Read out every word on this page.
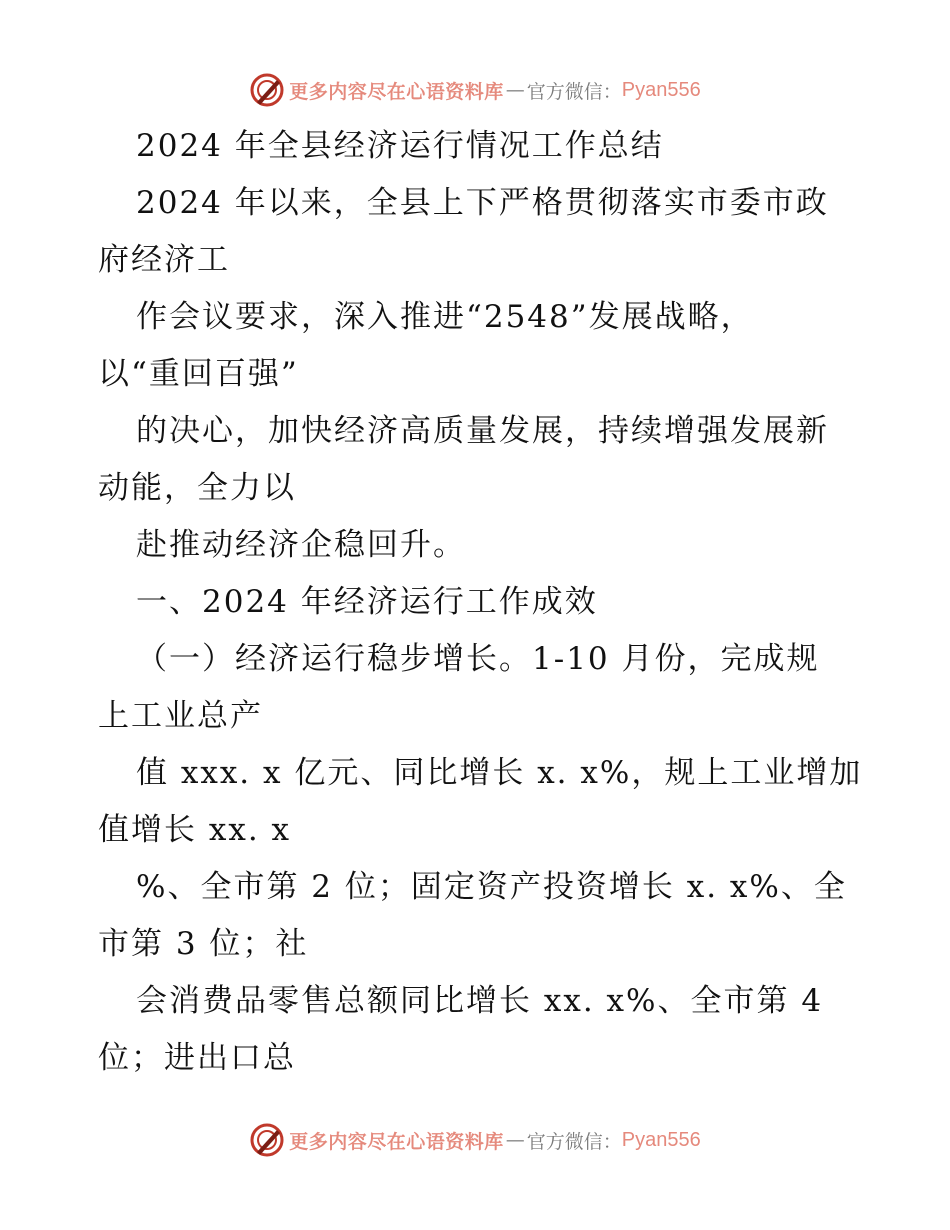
更多内容尽在心语资料库 — 官方微信： Pyan556
2024 年全县经济运行情况工作总结
2024 年以来，全县上下严格贯彻落实市委市政
府经济工
作会议要求，深入推进“2548”发展战略，
以“重回百强”
的决心，加快经济高质量发展，持续增强发展新
动能，全力以
赴推动经济企稳回升。
一、2024 年经济运行工作成效
（一）经济运行稳步增长。1-10 月份，完成规
上工业总产
值 xxx. x 亿元、同比增长 x. x%，规上工业增加
值增长 xx. x
%、全市第 2 位；固定资产投资增长 x. x%、全
市第 3 位；社
会消费品零售总额同比增长 xx. x%、全市第 4
位；进出口总
更多内容尽在心语资料库 — 官方微信： Pyan556
